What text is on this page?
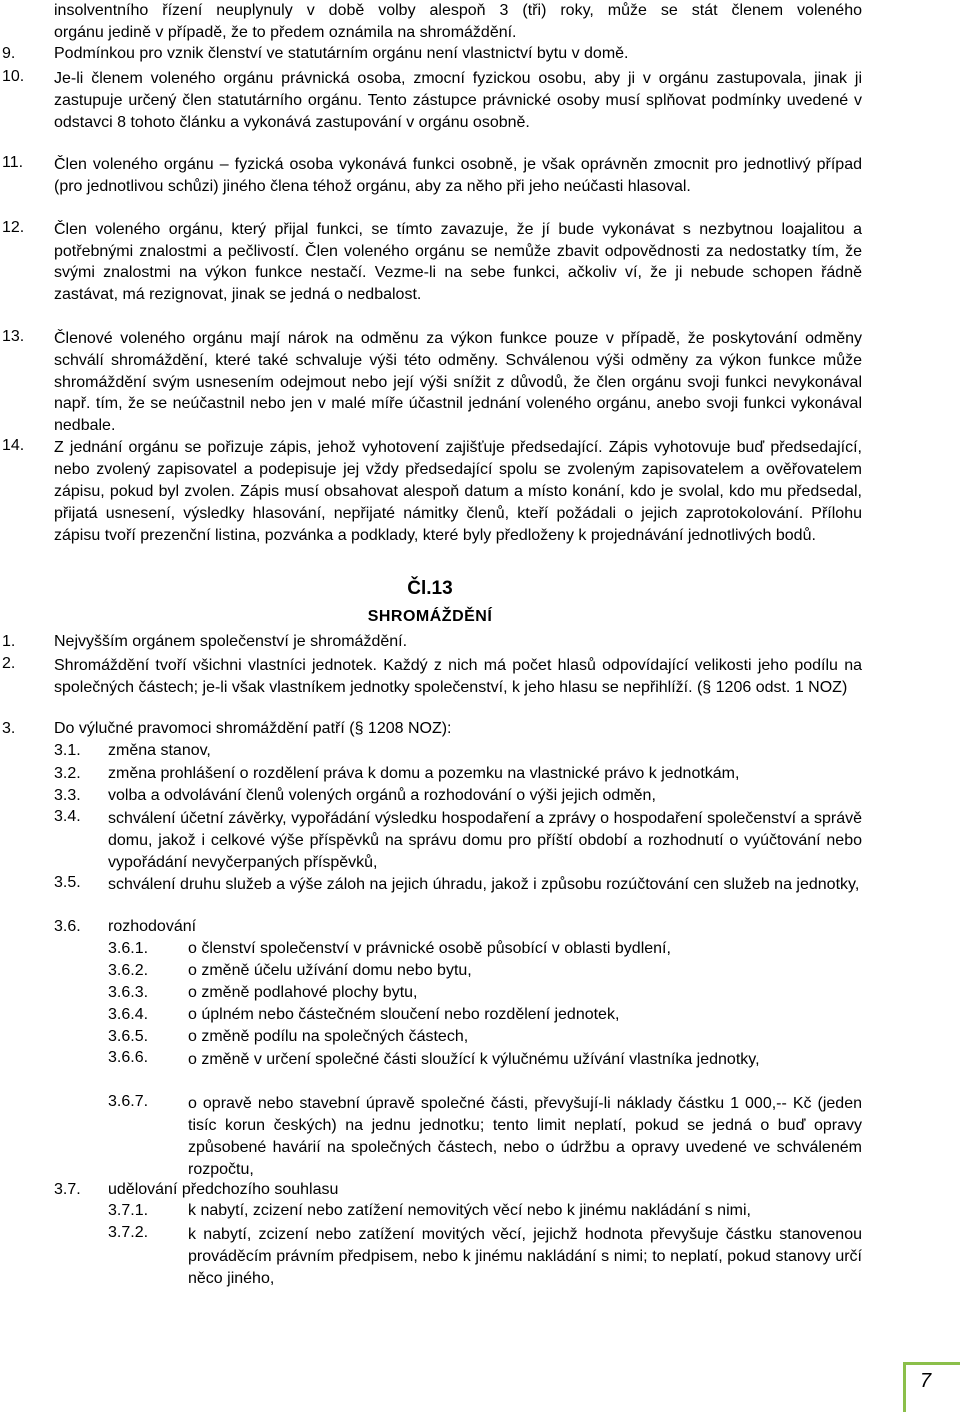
insolventního řízení neuplynuly v době volby alespoň 3 (tři) roky, může se stát členem voleného
orgánu jedině v případě, že to předem oznámila na shromáždění.
9. Podmínkou pro vznik členství ve statutárním orgánu není vlastnictví bytu v domě.
10. Je-li členem voleného orgánu právnická osoba, zmocní fyzickou osobu, aby ji v orgánu zastupovala, jinak ji zastupuje určený člen statutárního orgánu. Tento zástupce právnické osoby musí splňovat podmínky uvedené v odstavci 8 tohoto článku a vykonává zastupování v orgánu osobně.
11. Člen voleného orgánu – fyzická osoba vykonává funkci osobně, je však oprávněn zmocnit pro jednotlivý případ (pro jednotlivou schůzi) jiného člena téhož orgánu, aby za něho při jeho neúčasti hlasoval.
12. Člen voleného orgánu, který přijal funkci, se tímto zavazuje, že jí bude vykonávat s nezbytnou loajalitou a potřebnými znalostmi a pečlivostí. Člen voleného orgánu se nemůže zbavit odpovědnosti za nedostatky tím, že svými znalostmi na výkon funkce nestačí. Vezme-li na sebe funkci, ačkoliv ví, že ji nebude schopen řádně zastávat, má rezignovat, jinak se jedná o nedbalost.
13. Členové voleného orgánu mají nárok na odměnu za výkon funkce pouze v případě, že poskytování odměny schválí shromáždění, které také schvaluje výši této odměny. Schválenou výši odměny za výkon funkce může shromáždění svým usnesením odejmout nebo její výši snížit z důvodů, že člen orgánu svoji funkci nevykonával např. tím, že se neúčastnil nebo jen v malé míře účastnil jednání voleného orgánu, anebo svoji funkci vykonával nedbale.
14. Z jednání orgánu se pořizuje zápis, jehož vyhotovení zajišťuje předsedající. Zápis vyhotovuje buď předsedající, nebo zvolený zapisovatel a podepisuje jej vždy předsedající spolu se zvoleným zapisovatelem a ověřovatelem zápisu, pokud byl zvolen. Zápis musí obsahovat alespoň datum a místo konání, kdo je svolal, kdo mu předsedal, přijatá usnesení, výsledky hlasování, nepřijaté námitky členů, kteří požádali o jejich zaprotokolování. Přílohu zápisu tvoří prezenční listina, pozvánka a podklady, které byly předloženy k projednávání jednotlivých bodů.
Čl.13
SHROMÁŽDĚNÍ
1. Nejvyšším orgánem společenství je shromáždění.
2. Shromáždění tvoří všichni vlastníci jednotek. Každý z nich má počet hlasů odpovídající velikosti jeho podílu na společných částech; je-li však vlastníkem jednotky společenství, k jeho hlasu se nepřihlíží. (§ 1206 odst. 1 NOZ)
3. Do výlučné pravomoci shromáždění patří (§ 1208 NOZ):
3.1. změna stanov,
3.2. změna prohlášení o rozdělení práva k domu a pozemku na vlastnické právo k jednotkám,
3.3. volba a odvolávání členů volených orgánů a rozhodování o výši jejich odměn,
3.4. schválení účetní závěrky, vypořádání výsledku hospodaření a zprávy o hospodaření společenství a správě domu, jakož i celkové výše příspěvků na správu domu pro příští období a rozhodnutí o vyúčtování nebo vypořádání nevyčerpaných příspěvků,
3.5. schválení druhu služeb a výše záloh na jejich úhradu, jakož i způsobu rozúčtování cen služeb na jednotky,
3.6. rozhodování
3.6.1. o členství společenství v právnické osobě působící v oblasti bydlení,
3.6.2. o změně účelu užívání domu nebo bytu,
3.6.3. o změně podlahové plochy bytu,
3.6.4. o úplném nebo částečném sloučení nebo rozdělení jednotek,
3.6.5. o změně podílu na společných částech,
3.6.6. o změně v určení společné části sloužící k výlučnému užívání vlastníka jednotky,
3.6.7. o opravě nebo stavební úpravě společné části, převyšují-li náklady částku 1 000,-- Kč (jeden tisíc korun českých) na jednu jednotku; tento limit neplatí, pokud se jedná o buď opravy způsobené havárií na společných částech, nebo o údržbu a opravy uvedené ve schváleném rozpočtu,
3.7. udělování předchozího souhlasu
3.7.1. k nabytí, zcizení nebo zatížení nemovitých věcí nebo k jinému nakládání s nimi,
3.7.2. k nabytí, zcizení nebo zatížení movitých věcí, jejichž hodnota převyšuje částku stanovenou prováděcím právním předpisem, nebo k jinému nakládání s nimi; to neplatí, pokud stanovy určí něco jiného,
7
